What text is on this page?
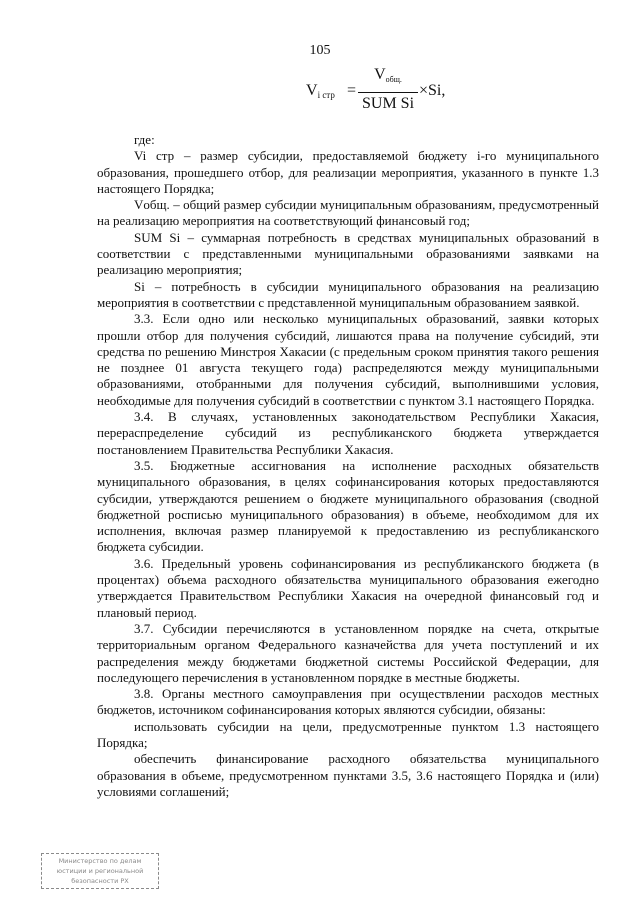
105
$V_{i стр}$ =
$V_{общ.}$
SUM Si
×Si,

где:

Vi стр – размер субсидии, предоставляемой бюджету i-го муниципального образования, прошедшего отбор, для реализации мероприятия, указанного в пункте 1.3 настоящего Порядка;

Vобщ. – общий размер субсидии муниципальным образованиям, предусмотренный на реализацию мероприятия на соответствующий финансовый год;

SUM Si – суммарная потребность в средствах муниципальных образований в соответствии с представленными муниципальными образованиями заявками на реализацию мероприятия;

Si – потребность в субсидии муниципального образования на реализацию мероприятия в соответствии с представленной муниципальным образованием заявкой.

3.3. Если одно или несколько муниципальных образований, заявки которых прошли отбор для получения субсидий, лишаются права на получение субсидий, эти средства по решению Минстроя Хакасии (с предельным сроком принятия такого решения не позднее 01 августа текущего года) распределяются между муниципальными образованиями, отобранными для получения субсидий, выполнившими условия, необходимые для получения субсидий в соответствии с пунктом 3.1 настоящего Порядка.

3.4. В случаях, установленных законодательством Республики Хакасия, перераспределение субсидий из республиканского бюджета утверждается постановлением Правительства Республики Хакасия.

3.5. Бюджетные ассигнования на исполнение расходных обязательств муниципального образования, в целях софинансирования которых предоставляются субсидии, утверждаются решением о бюджете муниципального образования (сводной бюджетной росписью муниципального образования) в объеме, необходимом для их исполнения, включая размер планируемой к предоставлению из республиканского бюджета субсидии.

3.6. Предельный уровень софинансирования из республиканского бюджета (в процентах) объема расходного обязательства муниципального образования ежегодно утверждается Правительством Республики Хакасия на очередной финансовый год и плановый период.

3.7. Субсидии перечисляются в установленном порядке на счета, открытые территориальным органом Федерального казначейства для учета поступлений и их распределения между бюджетами бюджетной системы Российской Федерации, для последующего перечисления в установленном порядке в местные бюджеты.

3.8. Органы местного самоуправления при осуществлении расходов местных бюджетов, источником софинансирования которых являются субсидии, обязаны:

использовать субсидии на цели, предусмотренные пунктом 1.3 настоящего Порядка;

обеспечить финансирование расходного обязательства муниципального образования в объеме, предусмотренном пунктами 3.5, 3.6 настоящего Порядка и (или) условиями соглашений;

Министерство по делам
юстиции и региональной
безопасности РХ
